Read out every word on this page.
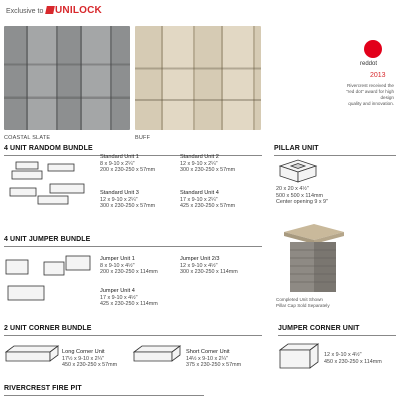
Exclusive to	UNILOCK
COASTAL SLATE	BUFF
reddot
2013
Rivercrest received the
"red dot" award for high design
quality and innovation.
4 UNIT RANDOM BUNDLE
Standard Unit 1
8 x 9-10 x 2¼"
200 x 230-250 x 57mm
Standard Unit 2
12 x 9-10 x 2¼"
300 x 230-250 x 57mm
Standard Unit 3
12 x 9-10 x 2¼"
300 x 230-250 x 57mm
Standard Unit 4
17 x 9-10 x 2¼"
425 x 230-250 x 57mm
PILLAR UNIT
20 x 20 x 4½"
500 x 500 x 114mm
Center opening 9 x 9"
4 UNIT JUMPER BUNDLE
Jumper Unit 1
8 x 9-10 x 4½"
200 x 230-250 x 114mm
Jumper Unit 2/3
12 x 9-10 x 4½"
300 x 230-250 x 114mm
Jumper Unit 4
17 x 9-10 x 4½"
425 x 230-250 x 114mm
Completed Unit Shown
Pillar Cap Sold Separately
2 UNIT CORNER BUNDLE
Long Corner Unit
17½ x 9-10 x 2¼"
450 x 230-250 x 57mm
Short Corner Unit
14½ x 9-10 x 2¼"
375 x 230-250 x 57mm
JUMPER CORNER UNIT
12 x 9-10 x 4½"
450 x 230-250 x 114mm
RIVERCREST FIRE PIT
